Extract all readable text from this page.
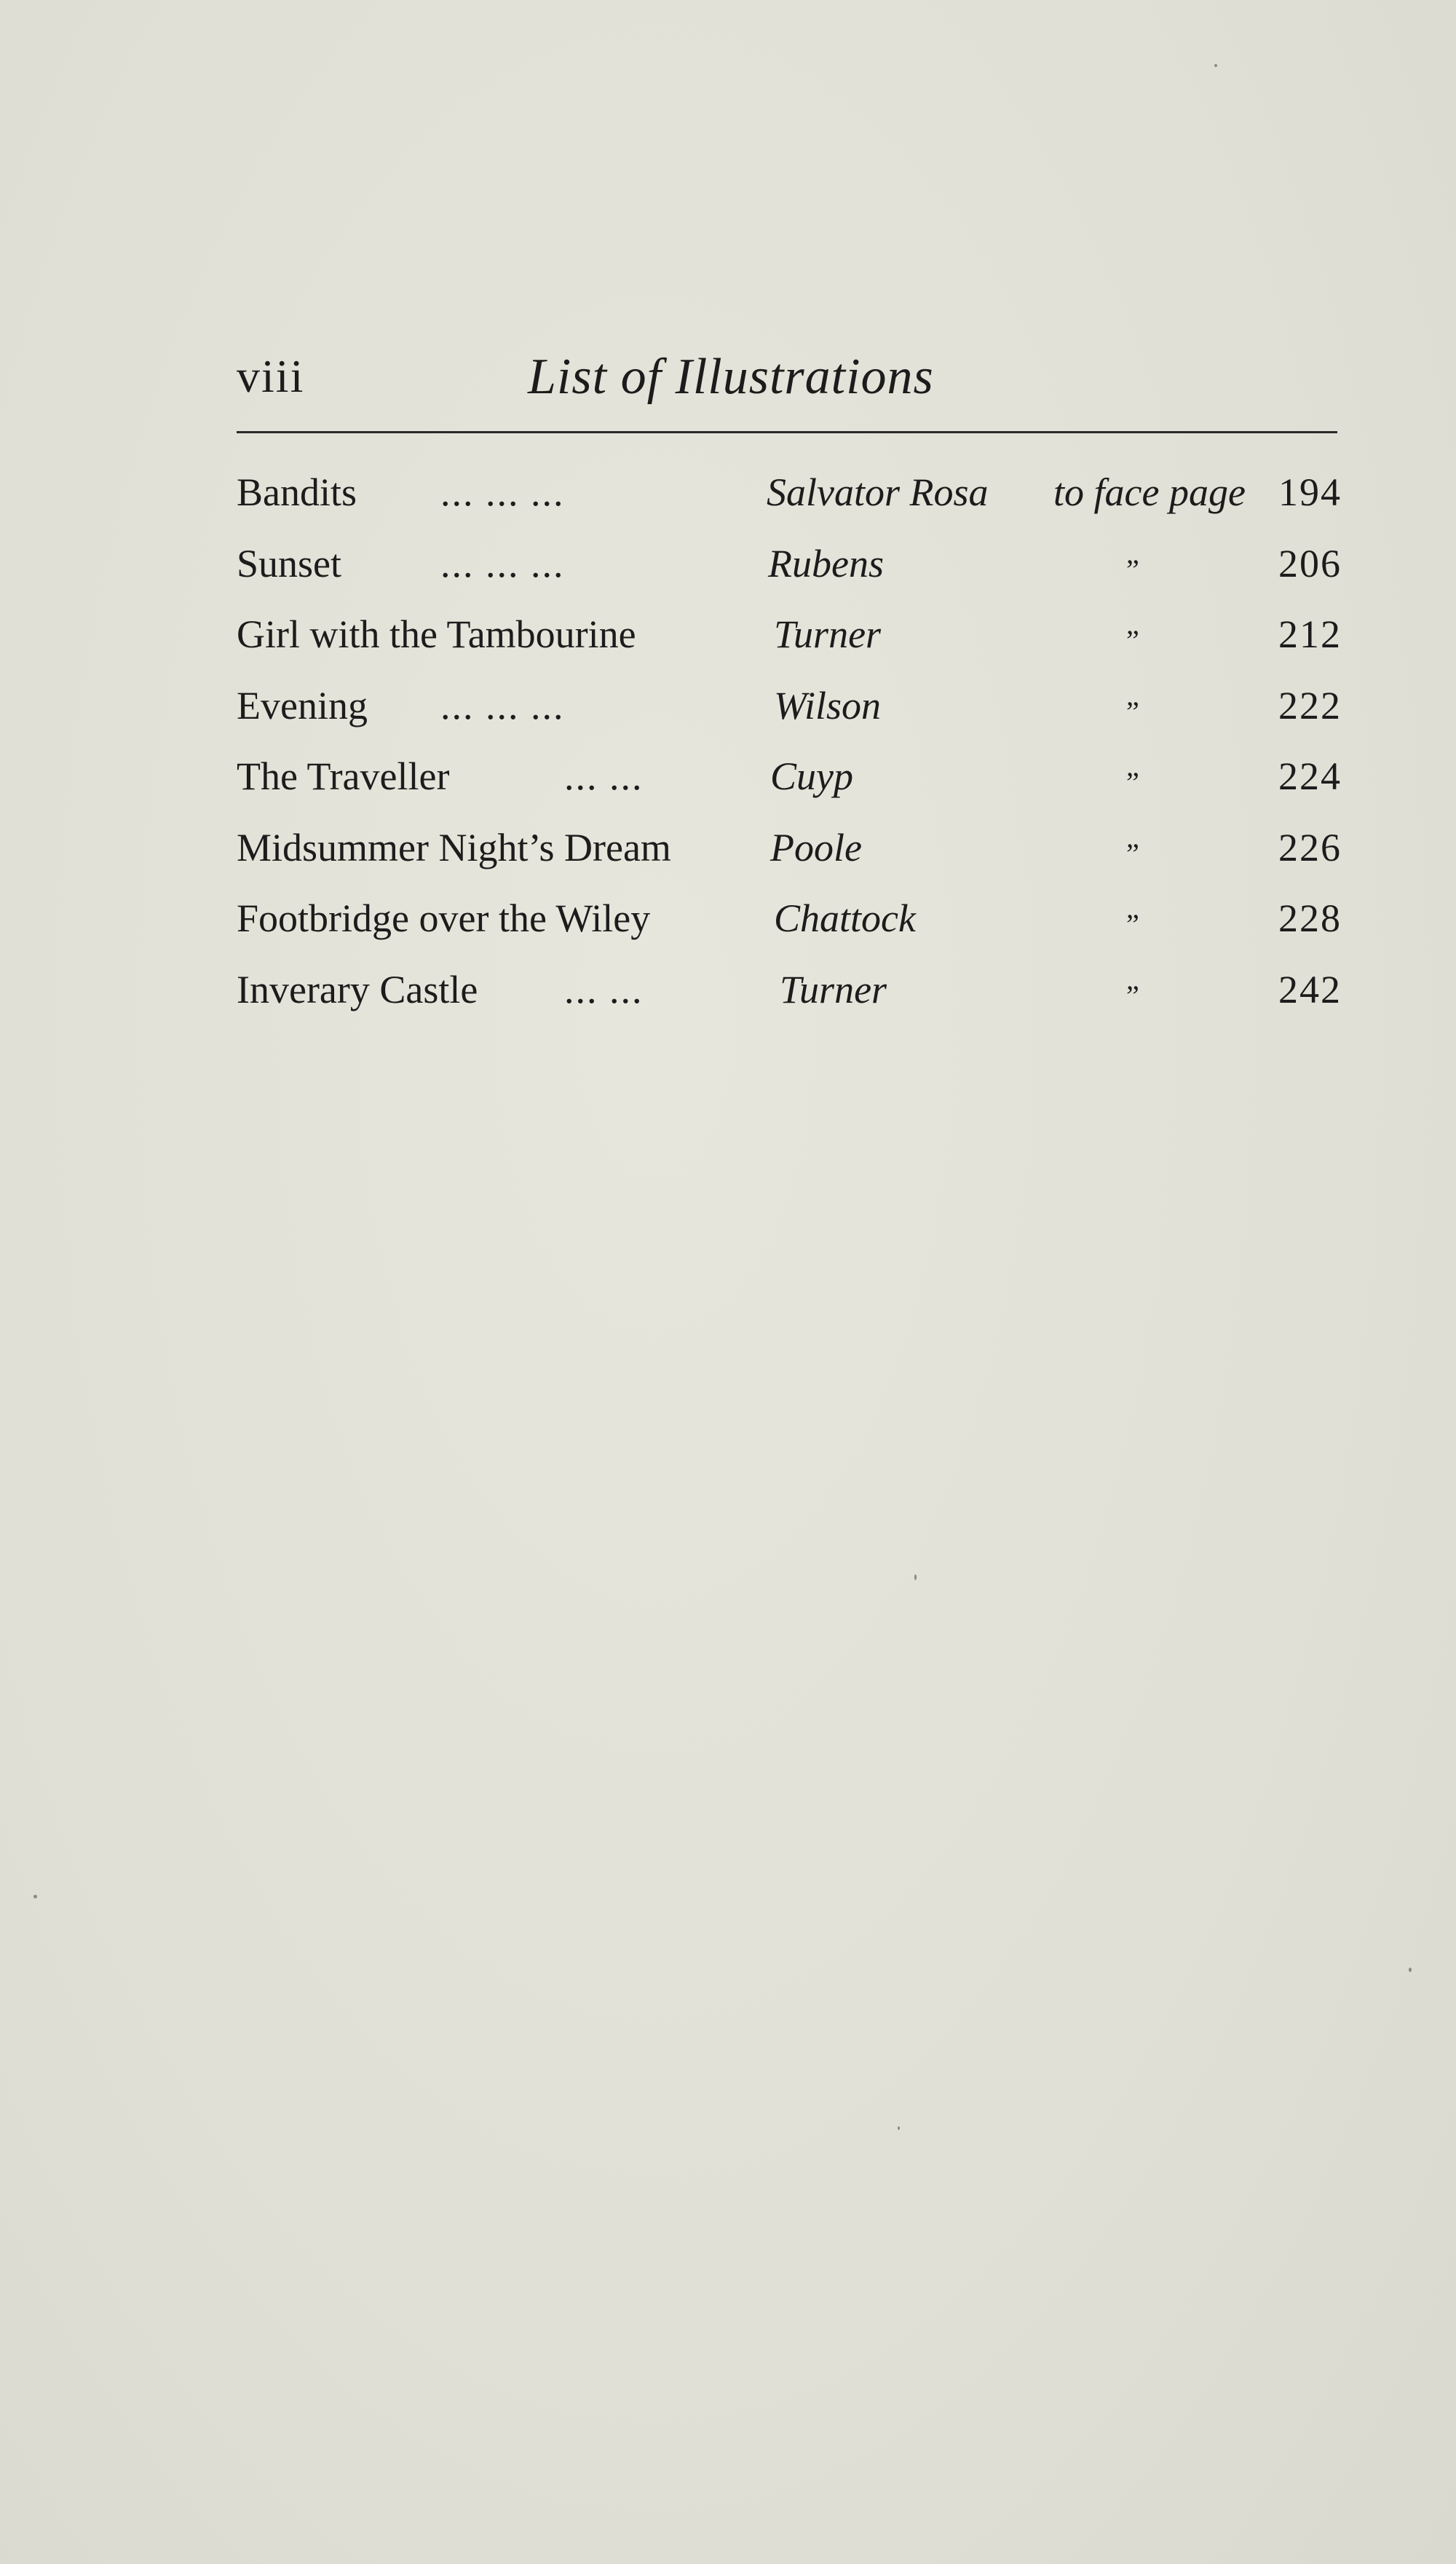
viii	List of Illustrations
Bandits ... ... ...	Salvator Rosa to face page 194
Sunset	... ... ...	Rubens	”	206
Girl with the Tambourine	Turner	”	212
Evening ... ... ...	Wilson	”	222
The Traveller	... ...	Cuyp	”	224
Midsummer Night’s Dream	Poole	”	226
Footbridge over the Wiley	Chattock	”	228
Inverary Castle ... ...	Turner	”	242
